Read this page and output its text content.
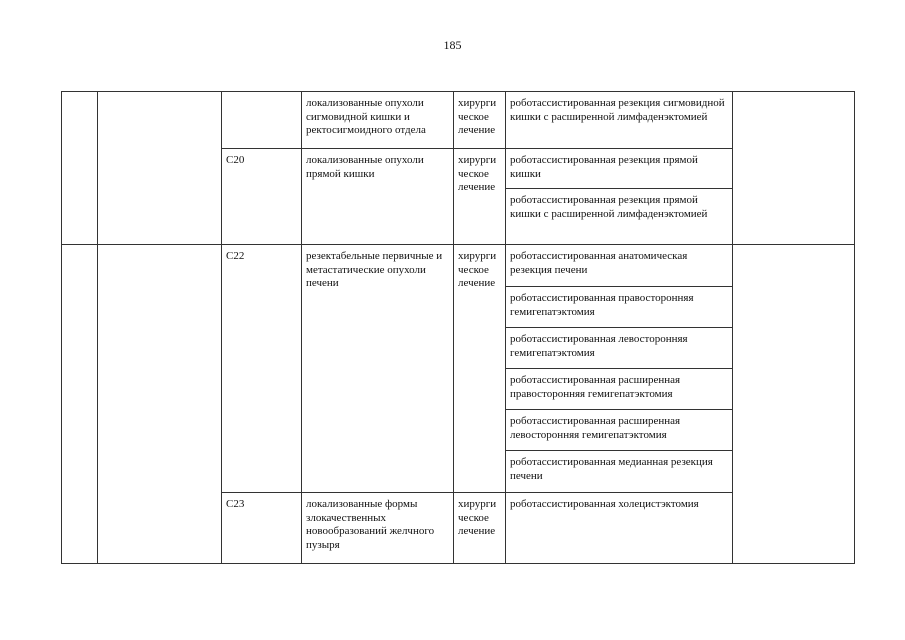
185
			локализованные опухоли сигмовидной кишки и ректосигмоидного отдела	хирурги ческое лечение	роботассистированная резекция сигмовидной кишки с расширенной лимфаденэктомией	
		C20	локализованные опухоли прямой кишки	хирурги ческое лечение	роботассистированная резекция прямой кишки	
					роботассистированная резекция прямой кишки с расширенной лимфаденэктомией	
		C22	резектабельные первичные и метастатические опухоли печени	хирурги ческое лечение	роботассистированная анатомическая резекция печени	
					роботассистированная правосторонняя гемигепатэктомия	
					роботассистированная левосторонняя гемигепатэктомия	
					роботассистированная расширенная правосторонняя гемигепатэктомия	
					роботассистированная расширенная левосторонняя гемигепатэктомия	
					роботассистированная медианная резекция печени	
		C23	локализованные формы злокачественных новообразований желчного пузыря	хирурги ческое лечение	роботассистированная холецистэктомия	
